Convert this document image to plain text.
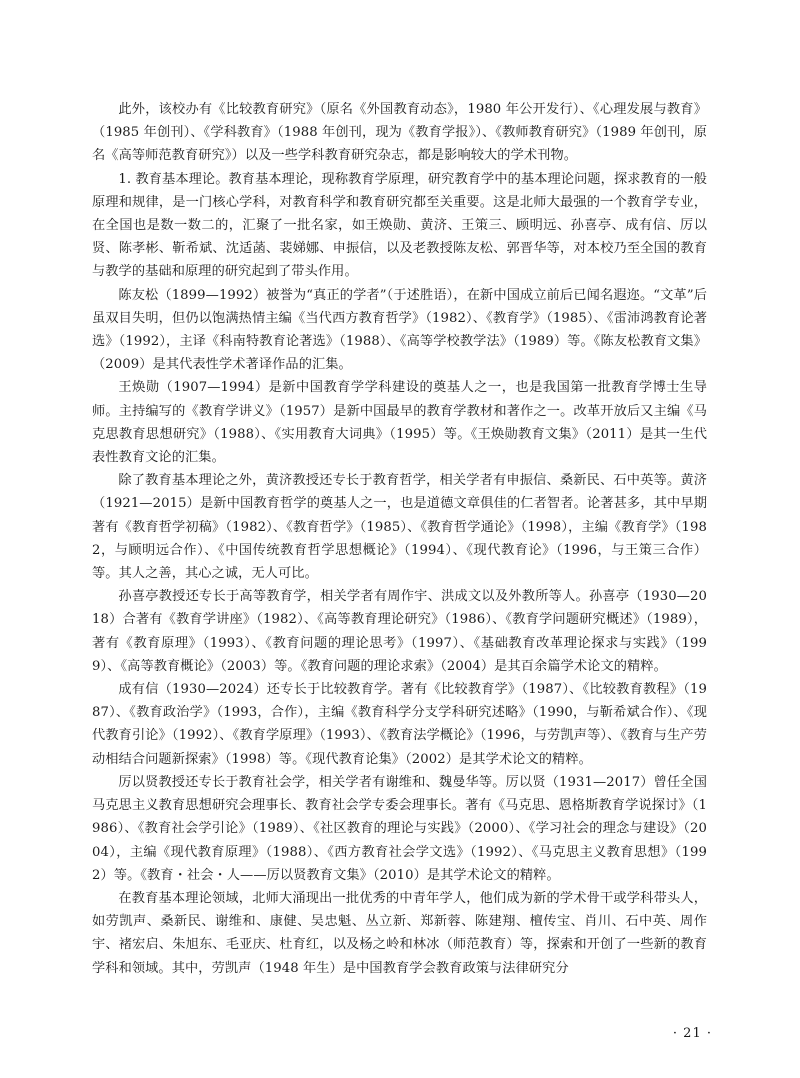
此外，该校办有《比较教育研究》（原名《外国教育动态》，1980 年公开发行）、《心理发展与教育》（1985 年创刊）、《学科教育》（1988 年创刊，现为《教育学报》）、《教师教育研究》（1989 年创刊，原名《高等师范教育研究》）以及一些学科教育研究杂志，都是影响较大的学术刊物。

1. 教育基本理论。教育基本理论，现称教育学原理，研究教育学中的基本理论问题，探求教育的一般原理和规律，是一门核心学科，对教育科学和教育研究都至关重要。这是北师大最强的一个教育学专业，在全国也是数一数二的，汇聚了一批名家，如王焕勋、黄济、王策三、顾明远、孙喜亭、成有信、厉以贤、陈孝彬、靳希斌、沈适菡、裴娣娜、申振信，以及老教授陈友松、郭晋华等，对本校乃至全国的教育与教学的基础和原理的研究起到了带头作用。

陈友松（1899—1992）被誉为“真正的学者”（于述胜语），在新中国成立前后已闻名遐迩。“文革”后虽双目失明，但仍以饱满热情主编《当代西方教育哲学》（1982）、《教育学》（1985）、《雷沛鸿教育论著选》（1992），主译《科南特教育论著选》（1988）、《高等学校教学法》（1989）等。《陈友松教育文集》（2009）是其代表性学术著译作品的汇集。

王焕勋（1907—1994）是新中国教育学学科建设的奠基人之一，也是我国第一批教育学博士生导师。主持编写的《教育学讲义》（1957）是新中国最早的教育学教材和著作之一。改革开放后又主编《马克思教育思想研究》（1988）、《实用教育大词典》（1995）等。《王焕勋教育文集》（2011）是其一生代表性教育文论的汇集。

除了教育基本理论之外，黄济教授还专长于教育哲学，相关学者有申振信、桑新民、石中英等。黄济（1921—2015）是新中国教育哲学的奠基人之一，也是道德文章俱佳的仁者智者。论著甚多，其中早期著有《教育哲学初稿》（1982）、《教育哲学》（1985）、《教育哲学通论》（1998），主编《教育学》（1982，与顾明远合作）、《中国传统教育哲学思想概论》（1994）、《现代教育论》（1996，与王策三合作）等。其人之善，其心之诚，无人可比。

孙喜亭教授还专长于高等教育学，相关学者有周作宇、洪成文以及外教所等人。孙喜亭（1930—2018）合著有《教育学讲座》（1982）、《高等教育理论研究》（1986）、《教育学问题研究概述》（1989），著有《教育原理》（1993）、《教育问题的理论思考》（1997）、《基础教育改革理论探求与实践》（1999）、《高等教育概论》（2003）等。《教育问题的理论求索》（2004）是其百余篇学术论文的精粹。

成有信（1930—2024）还专长于比较教育学。著有《比较教育学》（1987）、《比较教育教程》（1987）、《教育政治学》（1993，合作），主编《教育科学分支学科研究述略》（1990，与靳希斌合作）、《现代教育引论》（1992）、《教育学原理》（1993）、《教育法学概论》（1996，与劳凯声等）、《教育与生产劳动相结合问题新探索》（1998）等。《现代教育论集》（2002）是其学术论文的精粹。

厉以贤教授还专长于教育社会学，相关学者有谢维和、魏曼华等。厉以贤（1931—2017）曾任全国马克思主义教育思想研究会理事长、教育社会学专委会理事长。著有《马克思、恩格斯教育学说探讨》（1986）、《教育社会学引论》（1989）、《社区教育的理论与实践》（2000）、《学习社会的理念与建设》（2004），主编《现代教育原理》（1988）、《西方教育社会学文选》（1992）、《马克思主义教育思想》（1992）等。《教育・社会・人——厉以贤教育文集》（2010）是其学术论文的精粹。

在教育基本理论领域，北师大涌现出一批优秀的中青年学人，他们成为新的学术骨干或学科带头人，如劳凯声、桑新民、谢维和、康健、吴忠魁、丛立新、郑新蓉、陈建翔、檀传宝、肖川、石中英、周作宇、褚宏启、朱旭东、毛亚庆、杜育红，以及杨之岭和林冰（师范教育）等，探索和开创了一些新的教育学科和领域。其中，劳凯声（1948 年生）是中国教育学会教育政策与法律研究分

· 21 ·
